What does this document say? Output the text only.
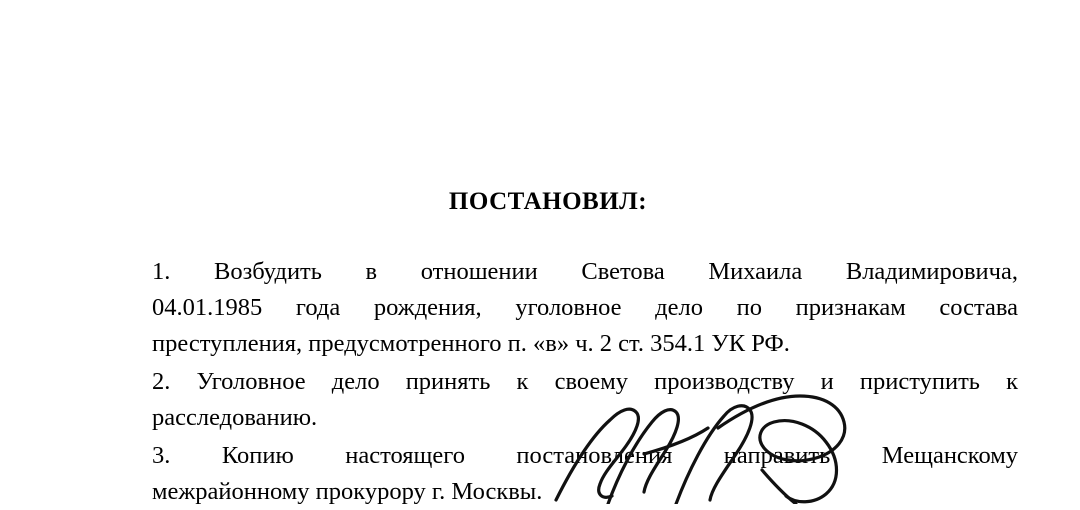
ПОСТАНОВИЛ:

1. Возбудить в отношении Светова Михаила Владимировича,
04.01.1985 года рождения, уголовное дело по признакам состава
преступления, предусмотренного п. «в» ч. 2 ст. 354.1 УК РФ.

2. Уголовное дело принять к своему производству и приступить к
расследованию.

3. Копию настоящего постановления направить Мещанскому
межрайонному прокурору г. Москвы.
